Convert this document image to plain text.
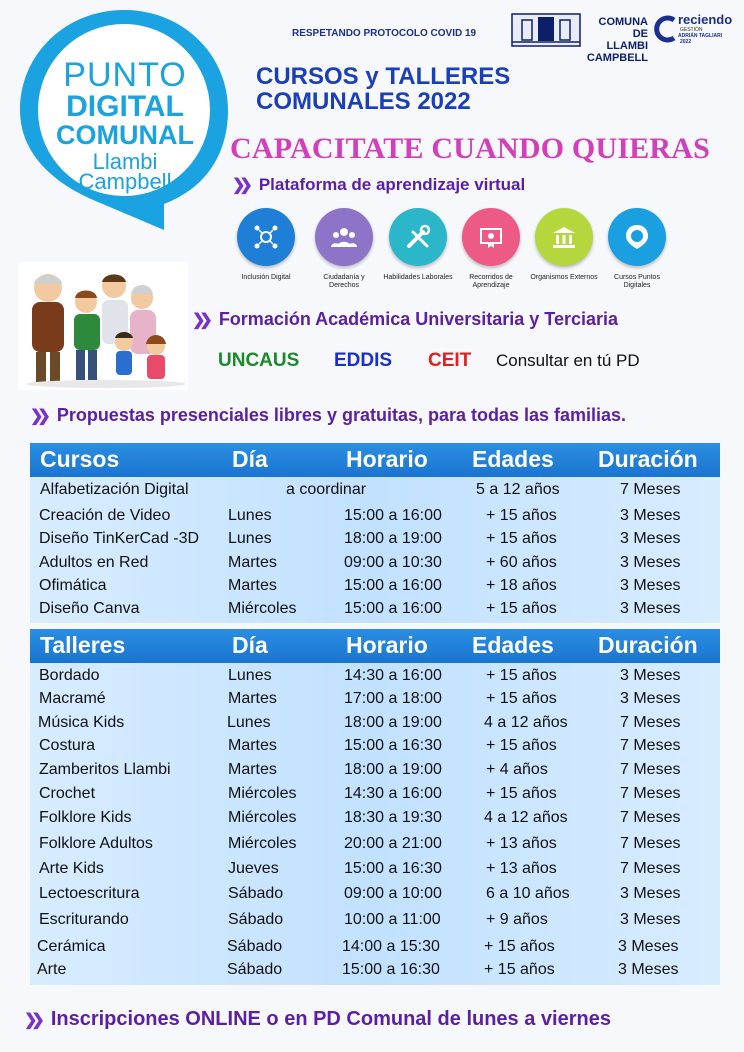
PUNTO
DIGITAL
COMUNAL
Llambi
Campbell
RESPETANDO PROTOCOLO COVID 19
COMUNA DE
LLAMBI CAMPBELL
reciendo
GESTIÓN
ADRIÁN TAGLIARI
2022
CURSOS y TALLERES
COMUNALES 2022
CAPACITATE CUANDO QUIERAS
❯❯ Plataforma de aprendizaje virtual
Inclusión Digital	Ciudadanía y Derechos
Habilidades Laborales	Recorridos de Aprendizaje
Organismos Externos	Cursos Puntos Digitales
❯❯ Formación Académica Universitaria y Terciaria
UNCAUS EDDIS CEIT Consultar en tú PD
❯❯ Propuestas presenciales libres y gratuitas, para todas las familias.
Cursos	Día	Horario Edades Duración
Alfabetización Digital	a coordinar	5 a 12 años	7 Meses
Creación de Video	Lunes	15:00 a 16:00	+ 15 años	3 Meses
Diseño TinKerCad -3D Lunes	18:00 a 19:00	+ 15 años	3 Meses
Adultos en Red	Martes	09:00 a 10:30	+ 60 años	3 Meses
Ofimática	Martes	15:00 a 16:00	+ 18 años	3 Meses
Diseño Canva	Miércoles	15:00 a 16:00	+ 15 años	3 Meses
Talleres	Día	Horario Edades Duración
Bordado	Lunes	14:30 a 16:00	+ 15 años	3 Meses
Macramé	Martes	17:00 a 18:00	+ 15 años	3 Meses
Música Kids	Lunes	18:00 a 19:00	4 a 12 años	7 Meses
Costura	Martes	15:00 a 16:30	+ 15 años	7 Meses
Zamberitos Llambi	Martes	18:00 a 19:00	+ 4 años	7 Meses
Crochet	Miércoles	14:30 a 16:00	+ 15 años	7 Meses
Folklore Kids	Miércoles	18:30 a 19:30	4 a 12 años	7 Meses
Folklore Adultos	Miércoles	20:00 a 21:00	+ 13 años	7 Meses
Arte Kids	Jueves	15:00 a 16:30	+ 13 años	7 Meses
Lectoescritura	Sábado	09:00 a 10:00	6 a 10 años	3 Meses
Escriturando	Sábado	10:00 a 11:00	+ 9 años	3 Meses
Cerámica	Sábado	14:00 a 15:30	+ 15 años	3 Meses
Arte	Sábado	15:00 a 16:30	+ 15 años	3 Meses
❯❯ Inscripciones ONLINE o en PD Comunal de lunes a viernes
